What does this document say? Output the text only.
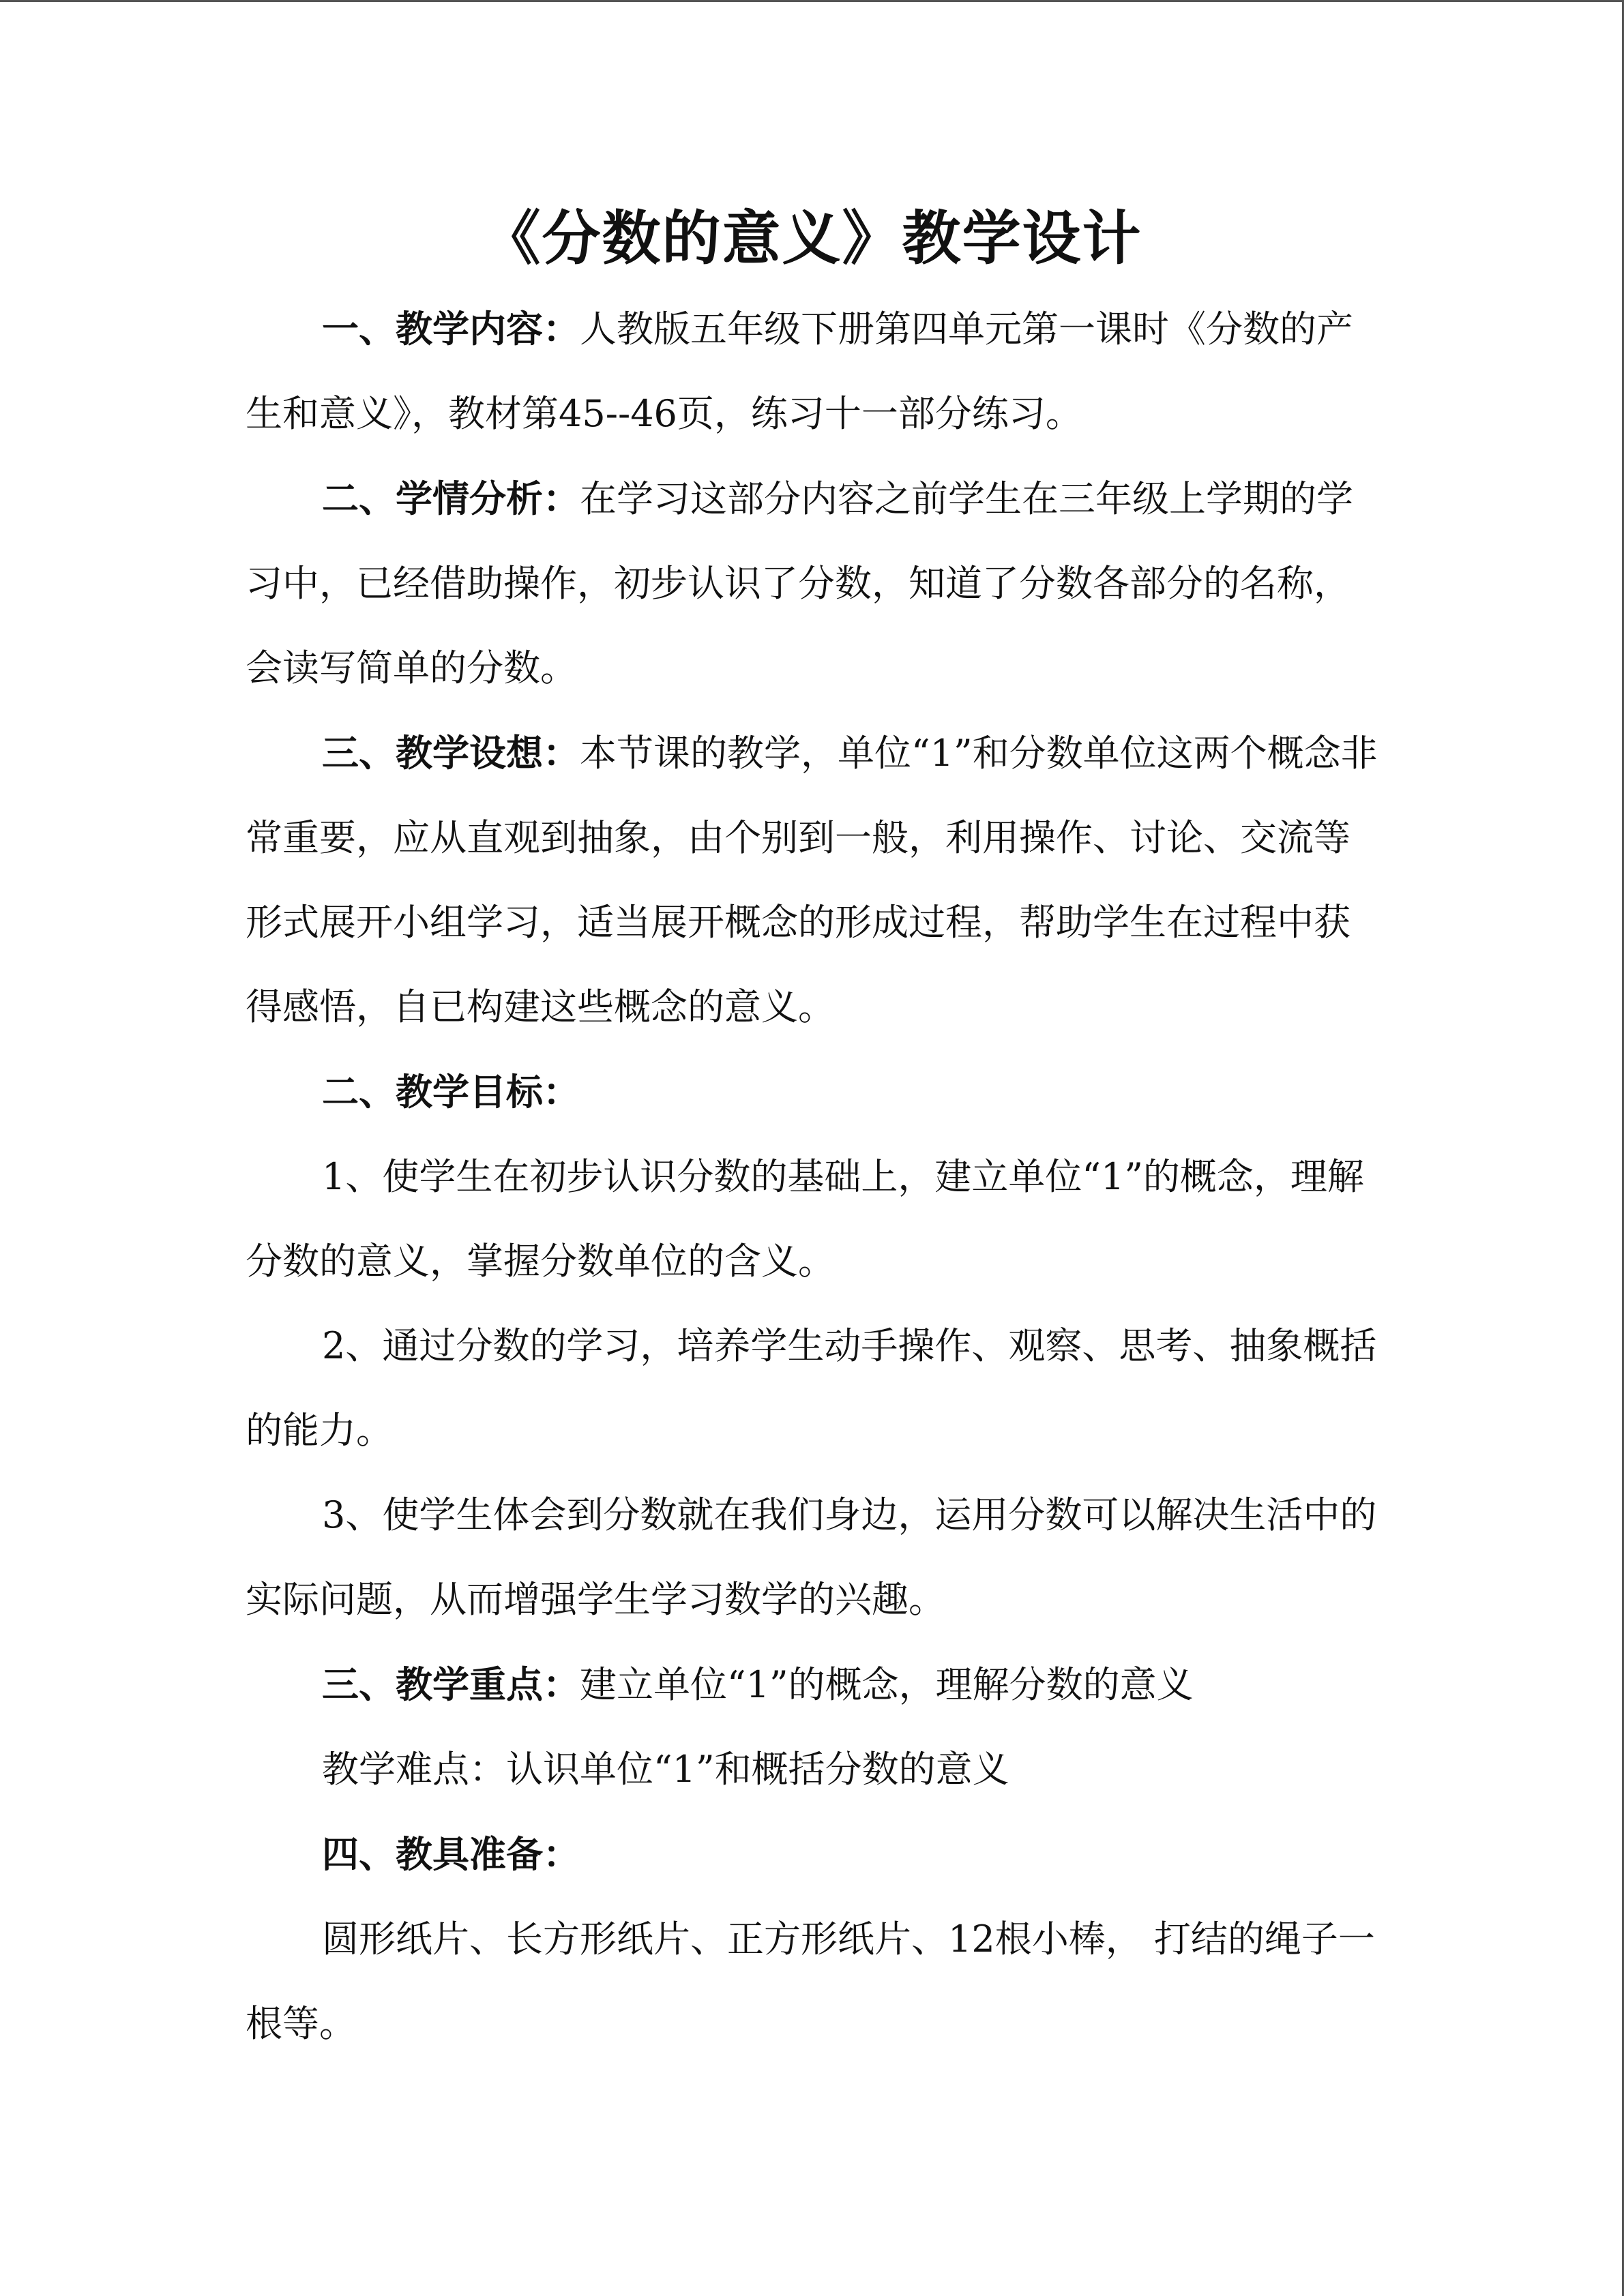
《分数的意义》教学设计

一、教学内容：人教版五年级下册第四单元第一课时《分数的产生和意义》，教材第45--46页，练习十一部分练习。

二、学情分析：在学习这部分内容之前学生在三年级上学期的学习中，已经借助操作，初步认识了分数，知道了分数各部分的名称，会读写简单的分数。

三、教学设想：本节课的教学，单位“1”和分数单位这两个概念非常重要，应从直观到抽象，由个别到一般，利用操作、讨论、交流等形式展开小组学习，适当展开概念的形成过程，帮助学生在过程中获得感悟，自已构建这些概念的意义。

二、教学目标：

1、使学生在初步认识分数的基础上，建立单位“1”的概念，理解分数的意义，掌握分数单位的含义。

2、通过分数的学习，培养学生动手操作、观察、思考、抽象概括的能力。

3、使学生体会到分数就在我们身边，运用分数可以解决生活中的实际问题，从而增强学生学习数学的兴趣。

三、教学重点：建立单位“1”的概念，理解分数的意义

教学难点：认识单位“1”和概括分数的意义

四、教具准备：

圆形纸片、长方形纸片、正方形纸片、12根小棒， 打结的绳子一根等。
